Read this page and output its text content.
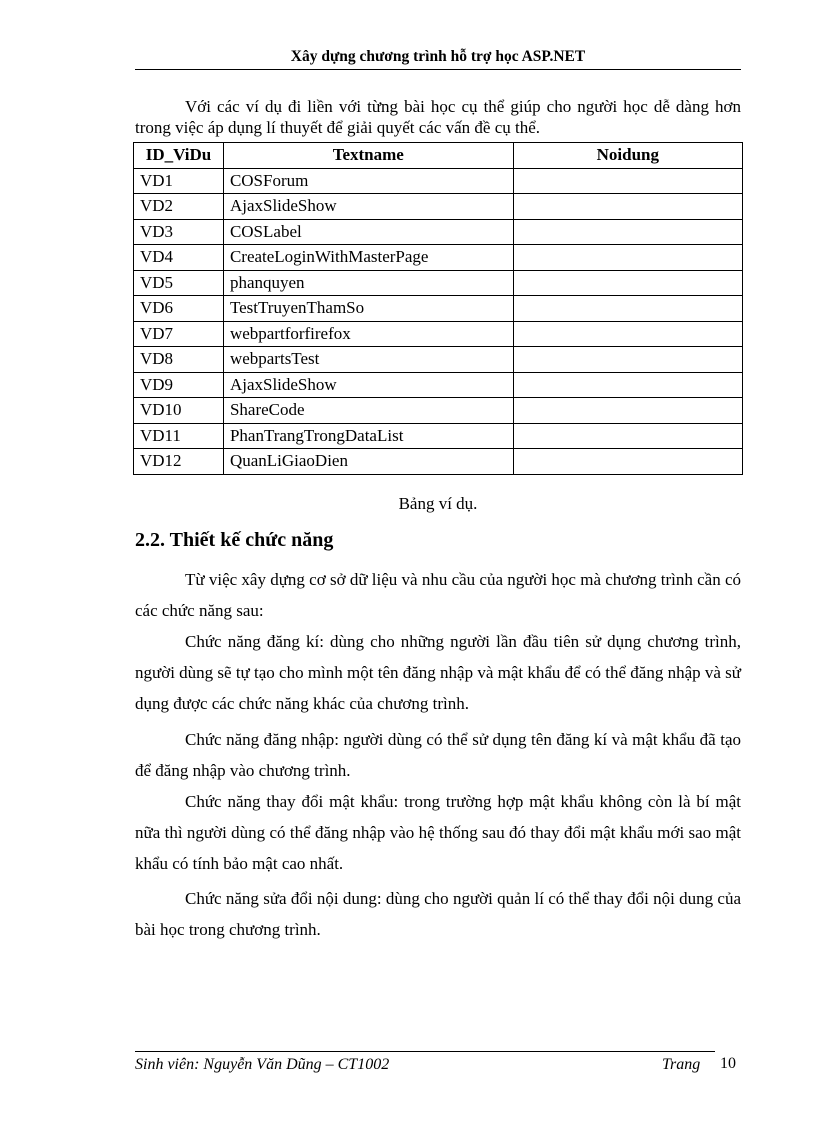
Xây dựng chương trình hỗ trợ học ASP.NET

Với các ví dụ đi liền với từng bài học cụ thể giúp cho người học dễ dàng hơn trong việc áp dụng lí thuyết để giải quyết các vấn đề cụ thể.

ID_ViDu	Textname	Noidung
VD1	COSForum	
VD2	AjaxSlideShow	
VD3	COSLabel	
VD4	CreateLoginWithMasterPage	
VD5	phanquyen	
VD6	TestTruyenThamSo	
VD7	webpartforfirefox	
VD8	webpartsTest	
VD9	AjaxSlideShow	
VD10	ShareCode	
VD11	PhanTrangTrongDataList	
VD12	QuanLiGiaoDien	
Bảng ví dụ.
2.2. Thiết kế chức năng

Từ việc xây dựng cơ sở dữ liệu và nhu cầu của người học mà chương trình cần có các chức năng sau:

Chức năng đăng kí: dùng cho những người lần đầu tiên sử dụng chương trình, người dùng sẽ tự tạo cho mình một tên đăng nhập và mật khẩu để có thể đăng nhập và sử dụng được các chức năng khác của chương trình.

Chức năng đăng nhập: người dùng có thể sử dụng tên đăng kí và mật khẩu đã tạo để đăng nhập vào chương trình.

Chức năng thay đổi mật khẩu: trong trường hợp mật khẩu không còn là bí mật nữa thì người dùng có thể đăng nhập vào hệ thống sau đó thay đổi mật khẩu mới sao mật khẩu có tính bảo mật cao nhất.

Chức năng sửa đổi nội dung: dùng cho người quản lí có thể thay đổi nội dung của bài học trong chương trình.

Sinh viên: Nguyễn Văn Dũng – CT1002	Trang 10
